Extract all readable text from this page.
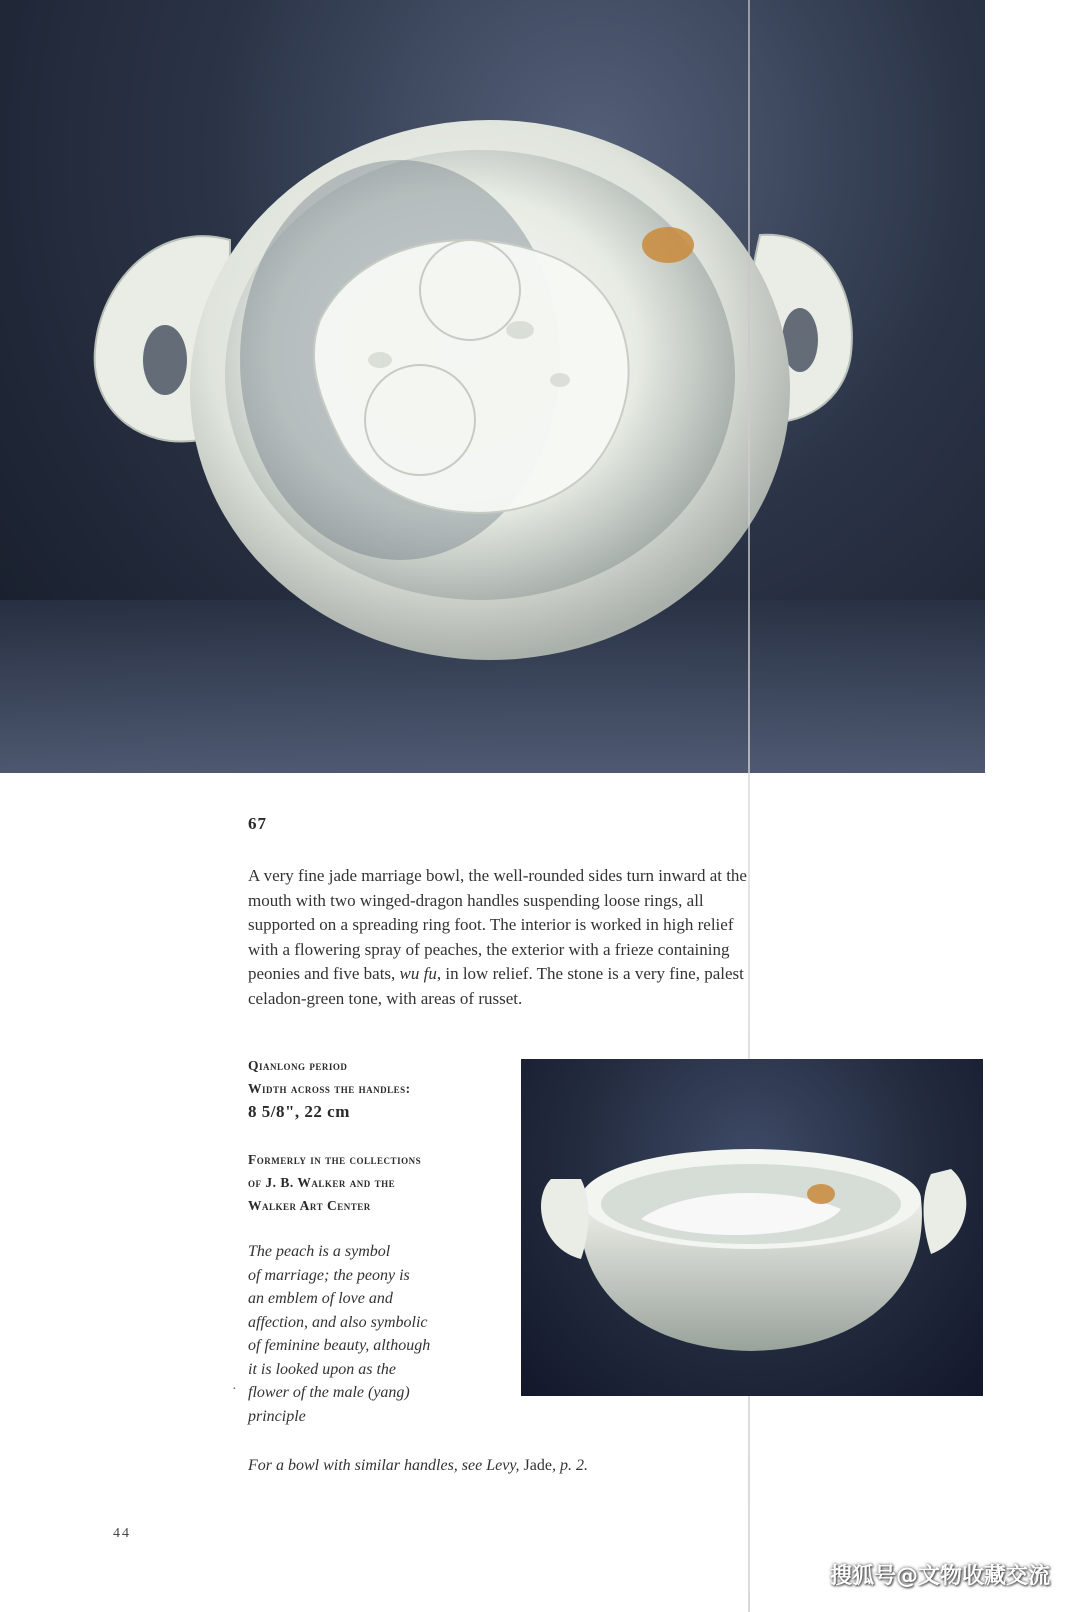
67
A very fine jade marriage bowl, the well-rounded sides turn inward at the mouth with two winged-dragon handles suspending loose rings, all supported on a spreading ring foot. The interior is worked in high relief with a flowering spray of peaches, the exterior with a frieze containing peonies and five bats, wu fu, in low relief. The stone is a very fine, palest celadon-green tone, with areas of russet.
Qianlong period
Width across the handles:
8 5/8", 22 cm
Formerly in the collections
of J. B. Walker and the
Walker Art Center
The peach is a symbol
of marriage; the peony is
an emblem of love and
affection, and also symbolic
of feminine beauty, although
it is looked upon as the
flower of the male (yang)
principle
·
For a bowl with similar handles, see Levy, Jade, p. 2.
44
搜狐号@文物收藏交流
